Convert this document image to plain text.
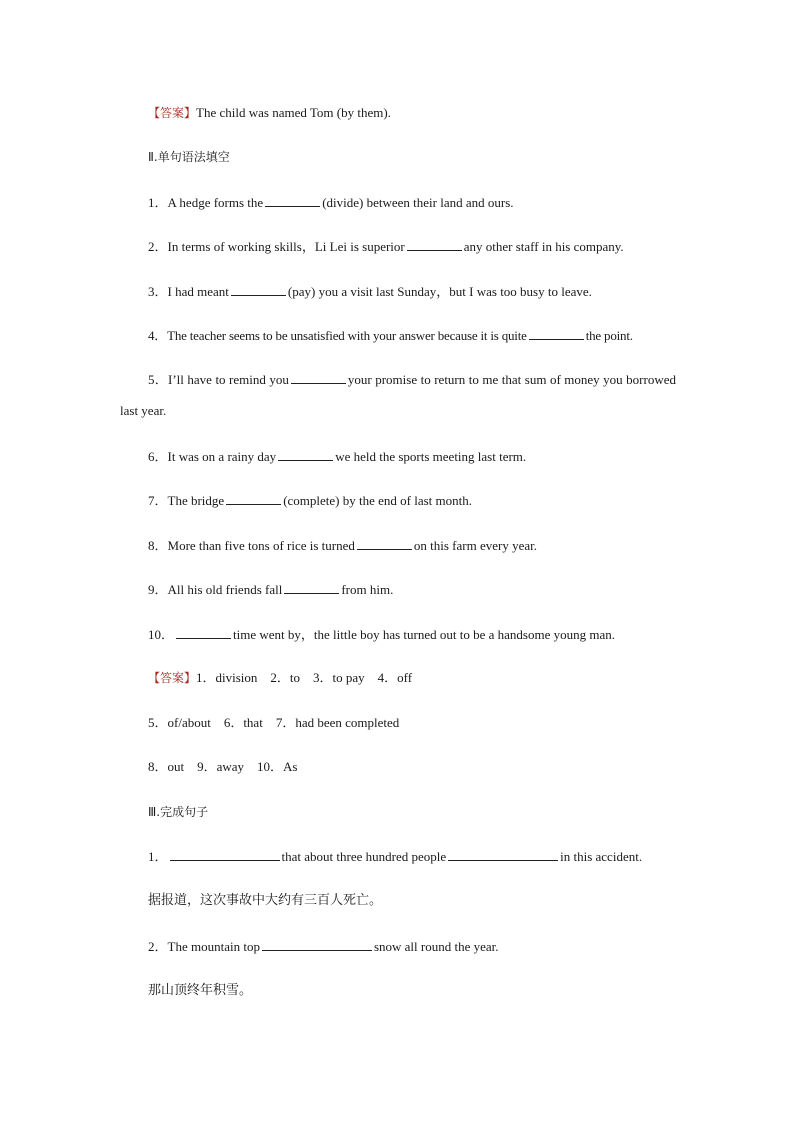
【答案】The child was named Tom (by them).
Ⅱ.单句语法填空
1．A hedge forms the	(divide) between their land and ours.
2．In terms of working skills，Li Lei is superior	any other staff in his company.
3．I had meant	(pay) you a visit last Sunday，but I was too busy to leave.
4．The teacher seems to be unsatisfied with your answer because it is quite	the point.
5．I’ll have to remind you	your promise to return to me that sum of money you borrowed last year.
6．It was on a rainy day	we held the sports meeting last term.
7．The bridge	(complete) by the end of last month.
8．More than five tons of rice is turned	on this farm every year.
9．All his old friends fall	from him.
10．	time went by，the little boy has turned out to be a handsome young man.
【答案】1．division    2．to    3．to pay    4．off
5．of/about    6．that    7．had been completed
8．out    9．away    10．As
Ⅲ.完成句子
1．	that about three hundred people	in this accident.
据报道，这次事故中大约有三百人死亡。
2．The mountain top	snow all round the year.
那山顶终年积雪。
